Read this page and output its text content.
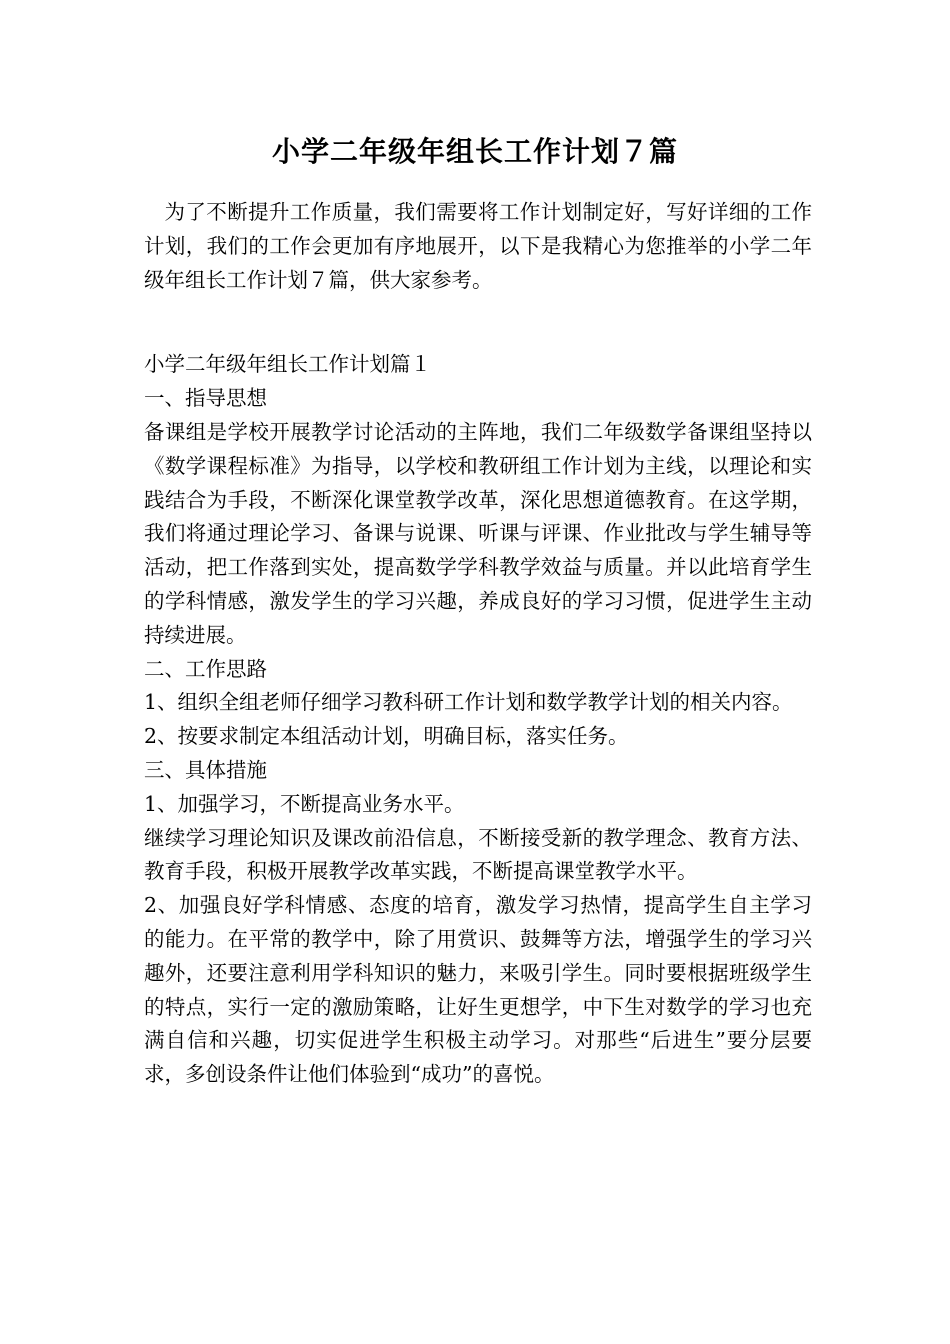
小学二年级年组长工作计划７篇

为了不断提升工作质量，我们需要将工作计划制定好，写好详细的工作计划，我们的工作会更加有序地展开，以下是我精心为您推举的小学二年级年组长工作计划７篇，供大家参考。

小学二年级年组长工作计划篇１

一、指导思想

备课组是学校开展教学讨论活动的主阵地，我们二年级数学备课组坚持以《数学课程标准》为指导，以学校和教研组工作计划为主线，以理论和实践结合为手段，不断深化课堂教学改革，深化思想道德教育。在这学期，我们将通过理论学习、备课与说课、听课与评课、作业批改与学生辅导等活动，把工作落到实处，提高数学学科教学效益与质量。并以此培育学生的学科情感，激发学生的学习兴趣，养成良好的学习习惯，促进学生主动持续进展。

二、工作思路

1、组织全组老师仔细学习教科研工作计划和数学教学计划的相关内容。

2、按要求制定本组活动计划，明确目标，落实任务。

三、具体措施

1、加强学习，不断提高业务水平。

继续学习理论知识及课改前沿信息，不断接受新的教学理念、教育方法、教育手段，积极开展教学改革实践，不断提高课堂教学水平。

2、加强良好学科情感、态度的培育，激发学习热情，提高学生自主学习的能力。在平常的教学中，除了用赏识、鼓舞等方法，增强学生的学习兴趣外，还要注意利用学科知识的魅力，来吸引学生。同时要根据班级学生的特点，实行一定的激励策略，让好生更想学，中下生对数学的学习也充满自信和兴趣，切实促进学生积极主动学习。对那些“后进生”要分层要求，多创设条件让他们体验到“成功”的喜悦。
